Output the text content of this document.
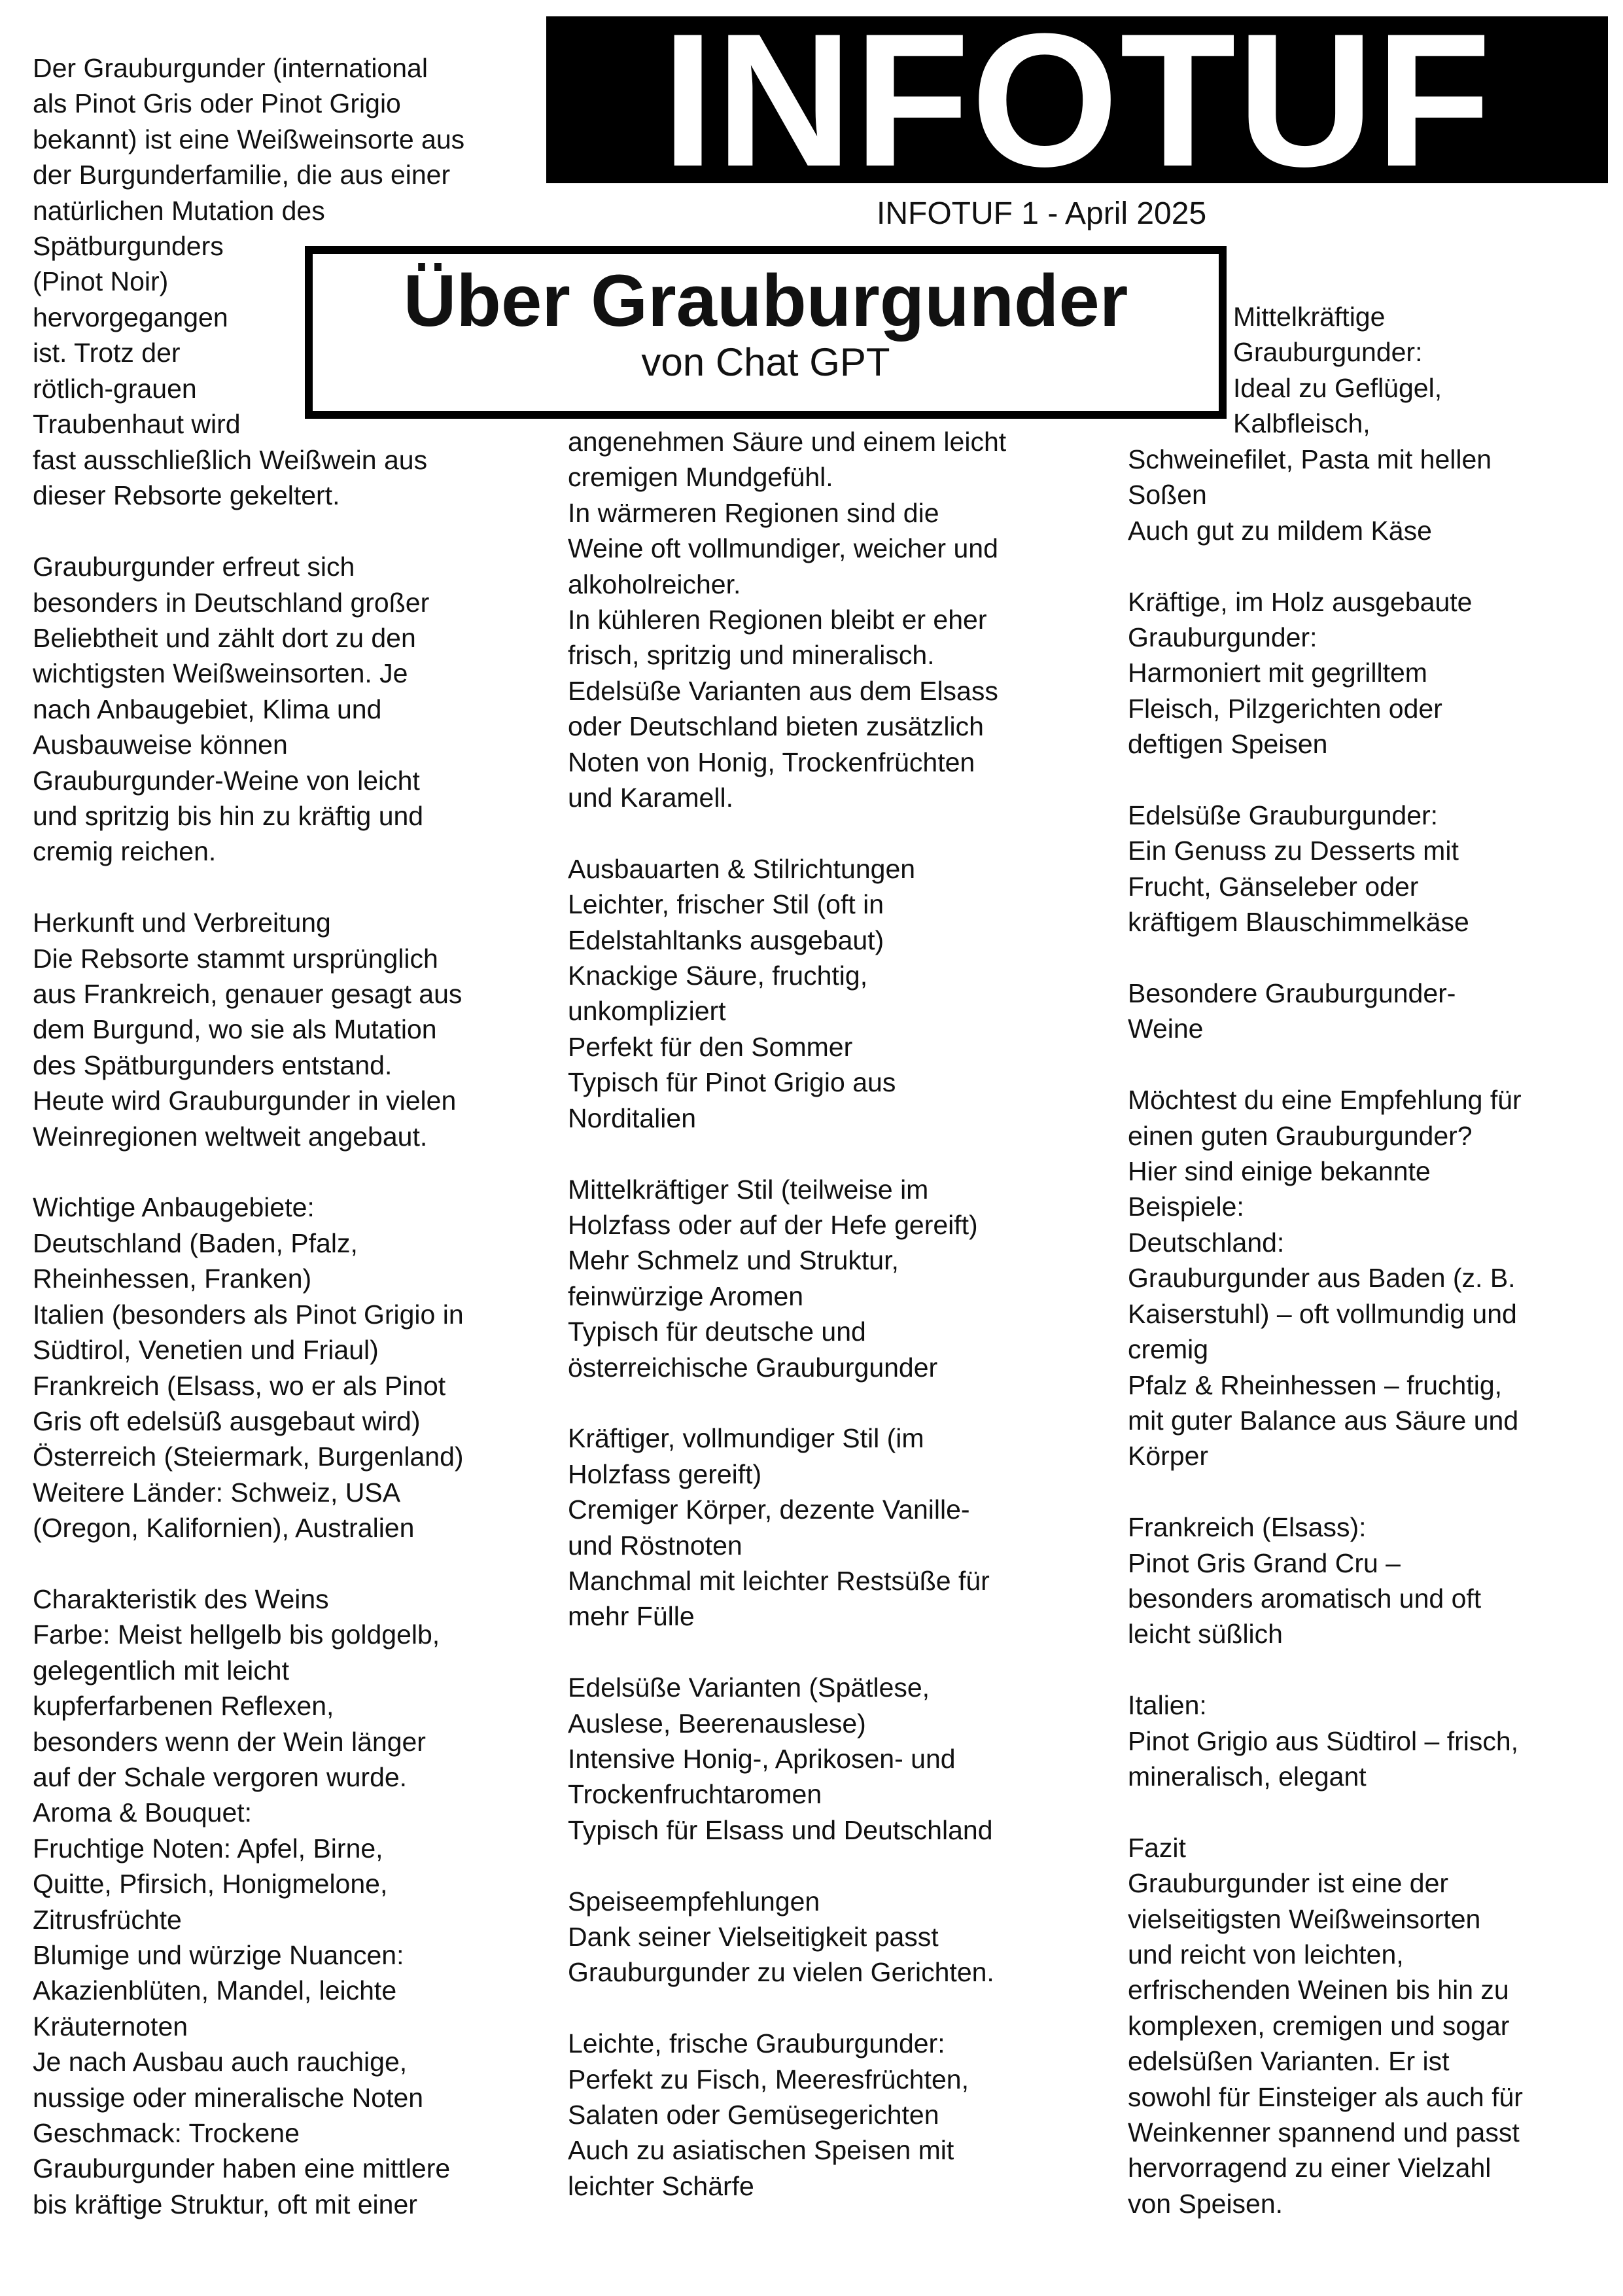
INFOTUF
INFOTUF 1 - April 2025

Der Grauburgunder (international

als Pinot Gris oder Pinot Grigio

bekannt) ist eine Weißweinsorte aus

der Burgunderfamilie, die aus einer

natürlichen Mutation des

Spätburgunders

(Pinot Noir)

hervorgegangen

ist. Trotz der

rötlich-grauen

Traubenhaut wird

fast ausschließlich Weißwein aus

dieser Rebsorte gekeltert.

Grauburgunder erfreut sich

besonders in Deutschland großer

Beliebtheit und zählt dort zu den

wichtigsten Weißweinsorten. Je

nach Anbaugebiet, Klima und

Ausbauweise können

Grauburgunder-Weine von leicht

und spritzig bis hin zu kräftig und

cremig reichen.

Herkunft und Verbreitung

Die Rebsorte stammt ursprünglich

aus Frankreich, genauer gesagt aus

dem Burgund, wo sie als Mutation

des Spätburgunders entstand.

Heute wird Grauburgunder in vielen

Weinregionen weltweit angebaut.

Wichtige Anbaugebiete:

Deutschland (Baden, Pfalz,

Rheinhessen, Franken)

Italien (besonders als Pinot Grigio in

Südtirol, Venetien und Friaul)

Frankreich (Elsass, wo er als Pinot

Gris oft edelsüß ausgebaut wird)

Österreich (Steiermark, Burgenland)

Weitere Länder: Schweiz, USA

(Oregon, Kalifornien), Australien

Charakteristik des Weins

Farbe: Meist hellgelb bis goldgelb,

gelegentlich mit leicht

kupferfarbenen Reflexen,

besonders wenn der Wein länger

auf der Schale vergoren wurde.

Aroma & Bouquet:

Fruchtige Noten: Apfel, Birne,

Quitte, Pfirsich, Honigmelone,

Zitrusfrüchte

Blumige und würzige Nuancen:

Akazienblüten, Mandel, leichte

Kräuternoten

Je nach Ausbau auch rauchige,

nussige oder mineralische Noten

Geschmack: Trockene

Grauburgunder haben eine mittlere

bis kräftige Struktur, oft mit einer

angenehmen Säure und einem leicht

cremigen Mundgefühl.

In wärmeren Regionen sind die

Weine oft vollmundiger, weicher und

alkoholreicher.

In kühleren Regionen bleibt er eher

frisch, spritzig und mineralisch.

Edelsüße Varianten aus dem Elsass

oder Deutschland bieten zusätzlich

Noten von Honig, Trockenfrüchten

und Karamell.

Ausbauarten & Stilrichtungen

Leichter, frischer Stil (oft in

Edelstahltanks ausgebaut)

Knackige Säure, fruchtig,

unkompliziert

Perfekt für den Sommer

Typisch für Pinot Grigio aus

Norditalien

Mittelkräftiger Stil (teilweise im

Holzfass oder auf der Hefe gereift)

Mehr Schmelz und Struktur,

feinwürzige Aromen

Typisch für deutsche und

österreichische Grauburgunder

Kräftiger, vollmundiger Stil (im

Holzfass gereift)

Cremiger Körper, dezente Vanille-

und Röstnoten

Manchmal mit leichter Restsüße für

mehr Fülle

Edelsüße Varianten (Spätlese,

Auslese, Beerenauslese)

Intensive Honig-, Aprikosen- und

Trockenfruchtaromen

Typisch für Elsass und Deutschland

Speiseempfehlungen

Dank seiner Vielseitigkeit passt

Grauburgunder zu vielen Gerichten.

Leichte, frische Grauburgunder:

Perfekt zu Fisch, Meeresfrüchten,

Salaten oder Gemüsegerichten

Auch zu asiatischen Speisen mit

leichter Schärfe

Mittelkräftige

Grauburgunder:

Ideal zu Geflügel,

Kalbfleisch,

Schweinefilet, Pasta mit hellen

Soßen

Auch gut zu mildem Käse

Kräftige, im Holz ausgebaute

Grauburgunder:

Harmoniert mit gegrilltem

Fleisch, Pilzgerichten oder

deftigen Speisen

Edelsüße Grauburgunder:

Ein Genuss zu Desserts mit

Frucht, Gänseleber oder

kräftigem Blauschimmelkäse

Besondere Grauburgunder-

Weine

Möchtest du eine Empfehlung für

einen guten Grauburgunder?

Hier sind einige bekannte

Beispiele:

Deutschland:

Grauburgunder aus Baden (z. B.

Kaiserstuhl) – oft vollmundig und

cremig

Pfalz & Rheinhessen – fruchtig,

mit guter Balance aus Säure und

Körper

Frankreich (Elsass):

Pinot Gris Grand Cru –

besonders aromatisch und oft

leicht süßlich

Italien:

Pinot Grigio aus Südtirol – frisch,

mineralisch, elegant

Fazit

Grauburgunder ist eine der

vielseitigsten Weißweinsorten

und reicht von leichten,

erfrischenden Weinen bis hin zu

komplexen, cremigen und sogar

edelsüßen Varianten. Er ist

sowohl für Einsteiger als auch für

Weinkenner spannend und passt

hervorragend zu einer Vielzahl

von Speisen.

Über Grauburgunder
von Chat GPT
